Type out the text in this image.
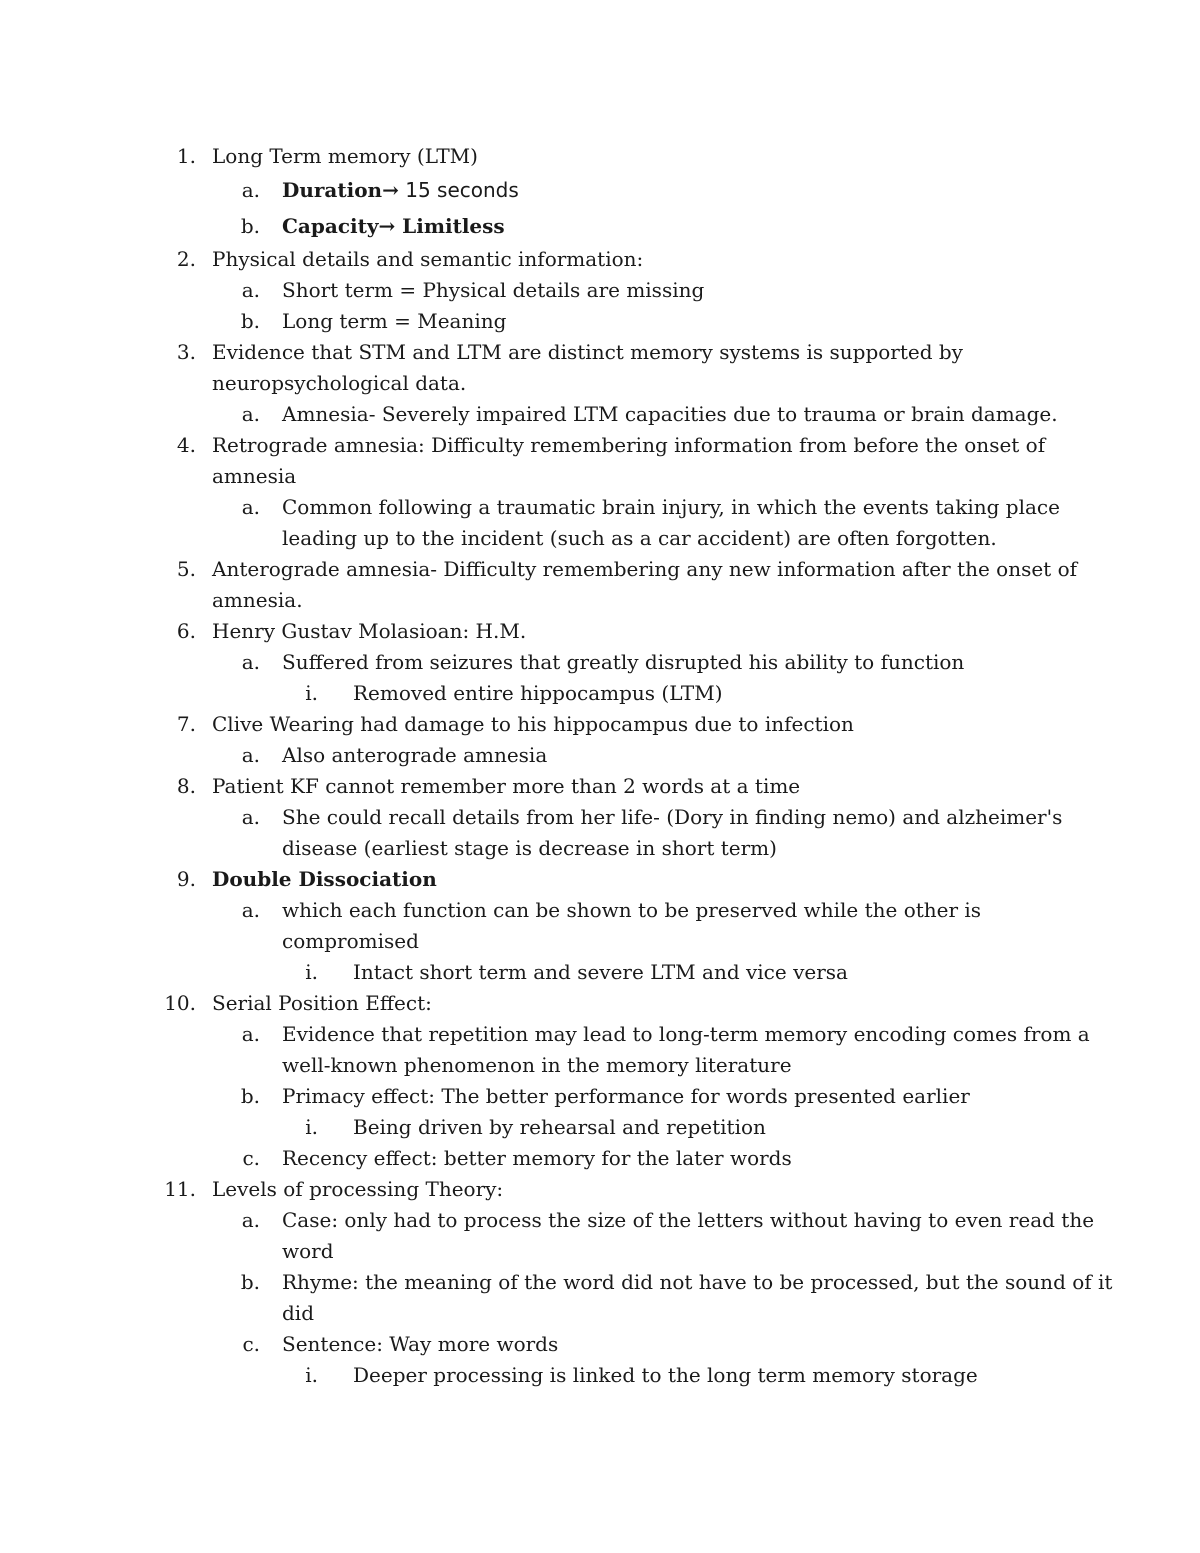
1. Long Term memory (LTM)
a. Duration→ 15 seconds
b. Capacity→ Limitless
2. Physical details and semantic information:
a. Short term = Physical details are missing
b. Long term = Meaning
3. Evidence that STM and LTM are distinct memory systems is supported by
neuropsychological data.
a. Amnesia- Severely impaired LTM capacities due to trauma or brain damage.
4. Retrograde amnesia: Difficulty remembering information from before the onset of
amnesia
a. Common following a traumatic brain injury, in which the events taking place
leading up to the incident (such as a car accident) are often forgotten.
5. Anterograde amnesia- Difficulty remembering any new information after the onset of
amnesia.
6. Henry Gustav Molasioan: H.M.
a. Suffered from seizures that greatly disrupted his ability to function
i. Removed entire hippocampus (LTM)
7. Clive Wearing had damage to his hippocampus due to infection
a. Also anterograde amnesia
8. Patient KF cannot remember more than 2 words at a time
a. She could recall details from her life- (Dory in finding nemo) and alzheimer's
disease (earliest stage is decrease in short term)
9. Double Dissociation
a. which each function can be shown to be preserved while the other is
compromised
i. Intact short term and severe LTM and vice versa
10. Serial Position Effect:
a. Evidence that repetition may lead to long-term memory encoding comes from a
well-known phenomenon in the memory literature
b. Primacy effect: The better performance for words presented earlier
i. Being driven by rehearsal and repetition
c. Recency effect: better memory for the later words
11. Levels of processing Theory:
a. Case: only had to process the size of the letters without having to even read the
word
b. Rhyme: the meaning of the word did not have to be processed, but the sound of it
did
c. Sentence: Way more words
i. Deeper processing is linked to the long term memory storage
